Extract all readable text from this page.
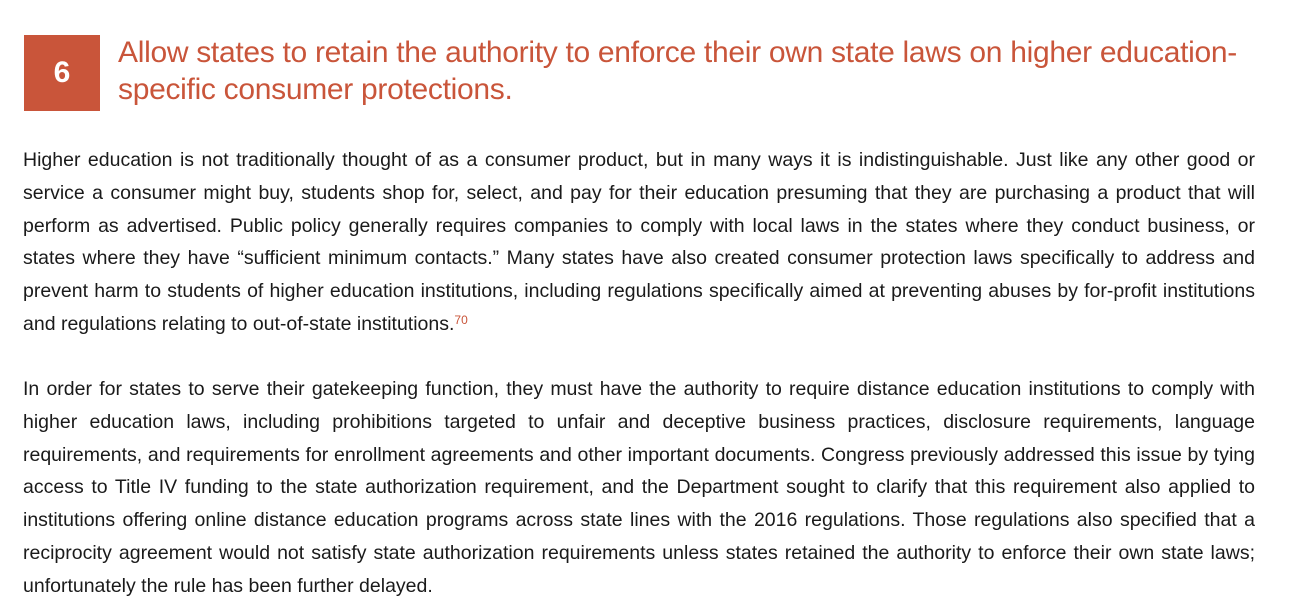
6
Allow states to retain the authority to enforce their own state laws on higher education-specific consumer protections.

Higher education is not traditionally thought of as a consumer product, but in many ways it is indistinguishable. Just like any other good or service a consumer might buy, students shop for, select, and pay for their education presuming that they are purchasing a product that will perform as advertised. Public policy generally requires companies to comply with local laws in the states where they conduct business, or states where they have “sufficient minimum contacts.” Many states have also created consumer protection laws specifically to address and prevent harm to students of higher education institutions, including regulations specifically aimed at preventing abuses by for-profit institutions and regulations relating to out-of-state institutions.$^{70}$

In order for states to serve their gatekeeping function, they must have the authority to require distance education institutions to comply with higher education laws, including prohibitions targeted to unfair and deceptive business practices, disclosure requirements, language requirements, and requirements for enrollment agreements and other important documents. Congress previously addressed this issue by tying access to Title IV funding to the state authorization requirement, and the Department sought to clarify that this requirement also applied to institutions offering online distance education programs across state lines with the 2016 regulations. Those regulations also specified that a reciprocity agreement would not satisfy state authorization requirements unless states retained the authority to enforce their own state laws; unfortunately the rule has been further delayed.
